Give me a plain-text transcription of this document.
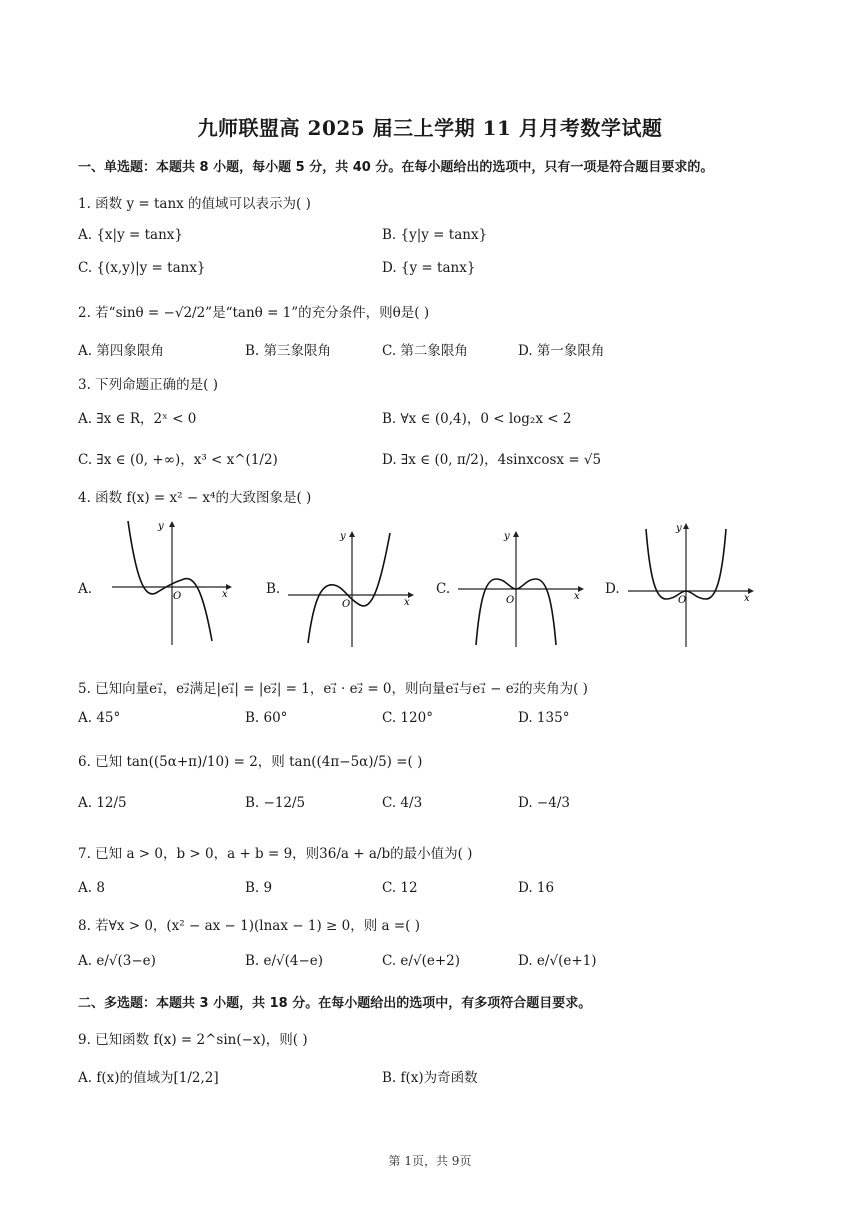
九师联盟高 2025 届三上学期 11 月月考数学试题
一、单选题：本题共 8 小题，每小题 5 分，共 40 分。在每小题给出的选项中，只有一项是符合题目要求的。
1. 函数 y = tanx 的值域可以表示为( )
A. {x|y = tanx}	B. {y|y = tanx}
C. {(x,y)|y = tanx}	D. {y = tanx}
2. 若“sinθ = −√2/2”是“tanθ = 1”的充分条件，则θ是( )
A. 第四象限角	B. 第三象限角	C. 第二象限角	D. 第一象限角
3. 下列命题正确的是( )
A. ∃x ∈ R，2ˣ < 0	B. ∀x ∈ (0,4)，0 < log₂x < 2
C. ∃x ∈ (0, +∞)，x³ < x^(1/2)	D. ∃x ∈ (0, π/2)，4sinxcosx = √5
4. 函数 f(x) = x² − x⁴的大致图象是( )
A.
y
x
O	B.
y
x
O
C.
y
x
O
D.
y
x
O
5. 已知向量e₁⃗，e₂⃗满足|e₁⃗| = |e₂⃗| = 1，e₁⃗ · e₂⃗ = 0，则向量e₁⃗与e₁⃗ − e₂⃗的夹角为( )
A. 45°	B. 60°	C. 120°	D. 135°
6. 已知 tan((5α+π)/10) = 2，则 tan((4π−5α)/5) =( )
A. 12/5	B. −12/5	C. 4/3	D. −4/3
7. 已知 a > 0，b > 0，a + b = 9，则36/a + a/b的最小值为( )
A. 8	B. 9	C. 12	D. 16
8. 若∀x > 0，(x² − ax − 1)(lnax − 1) ≥ 0，则 a =( )
A. e/√(3−e)	B. e/√(4−e)	C. e/√(e+2)	D. e/√(e+1)
二、多选题：本题共 3 小题，共 18 分。在每小题给出的选项中，有多项符合题目要求。
9. 已知函数 f(x) = 2^sin(−x)，则( )
A. f(x)的值域为[1/2,2]	B. f(x)为奇函数
第 1页，共 9页
